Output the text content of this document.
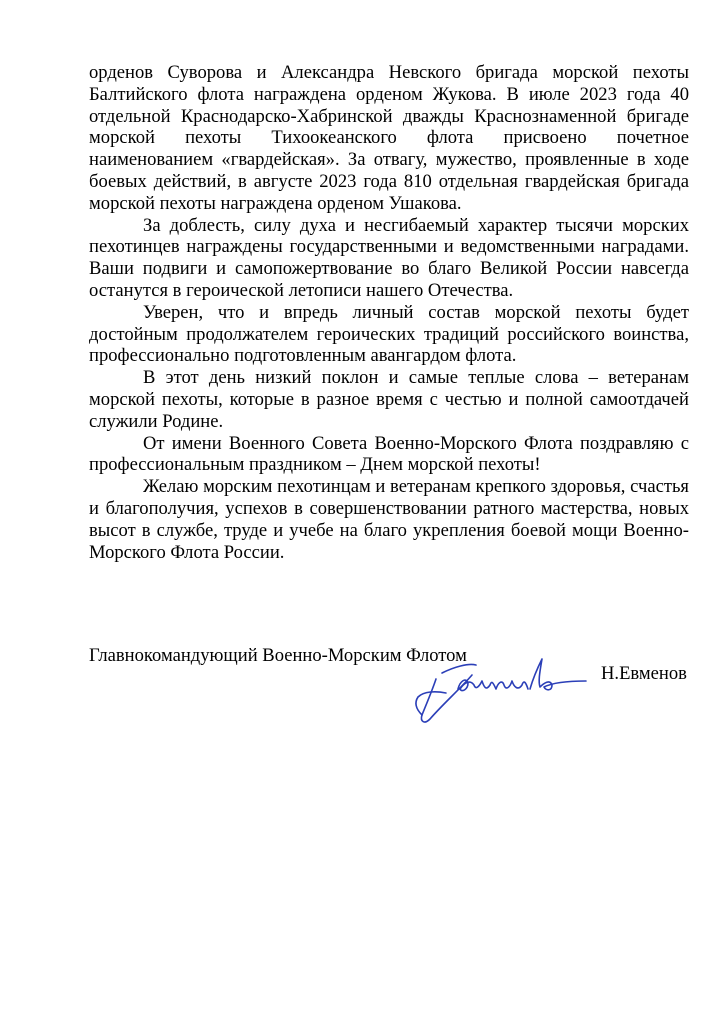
орденов Суворова и Александра Невского бригада морской пехоты Балтийского флота награждена орденом Жукова. В июле 2023 года 40 отдельной Краснодарско-Хабринской дважды Краснознаменной бригаде морской пехоты Тихоокеанского флота присвоено почетное наименованием «гвардейская». За отвагу, мужество, проявленные в ходе боевых действий, в августе 2023 года 810 отдельная гвардейская бригада морской пехоты награждена орденом Ушакова.

За доблесть, силу духа и несгибаемый характер тысячи морских пехотинцев награждены государственными и ведомственными наградами. Ваши подвиги и самопожертвование во благо Великой России навсегда останутся в героической летописи нашего Отечества.

Уверен, что и впредь личный состав морской пехоты будет достойным продолжателем героических традиций российского воинства, профессионально подготовленным авангардом флота.

В этот день низкий поклон и самые теплые слова – ветеранам морской пехоты, которые в разное время с честью и полной самоотдачей служили Родине.

От имени Военного Совета Военно-Морского Флота поздравляю с профессиональным праздником – Днем морской пехоты!

Желаю морским пехотинцам и ветеранам крепкого здоровья, счастья и благополучия, успехов в совершенствовании ратного мастерства, новых высот в службе, труде и учебе на благо укрепления боевой мощи Военно-Морского Флота России.

Главнокомандующий Военно-Морским Флотом
Н.Евменов
